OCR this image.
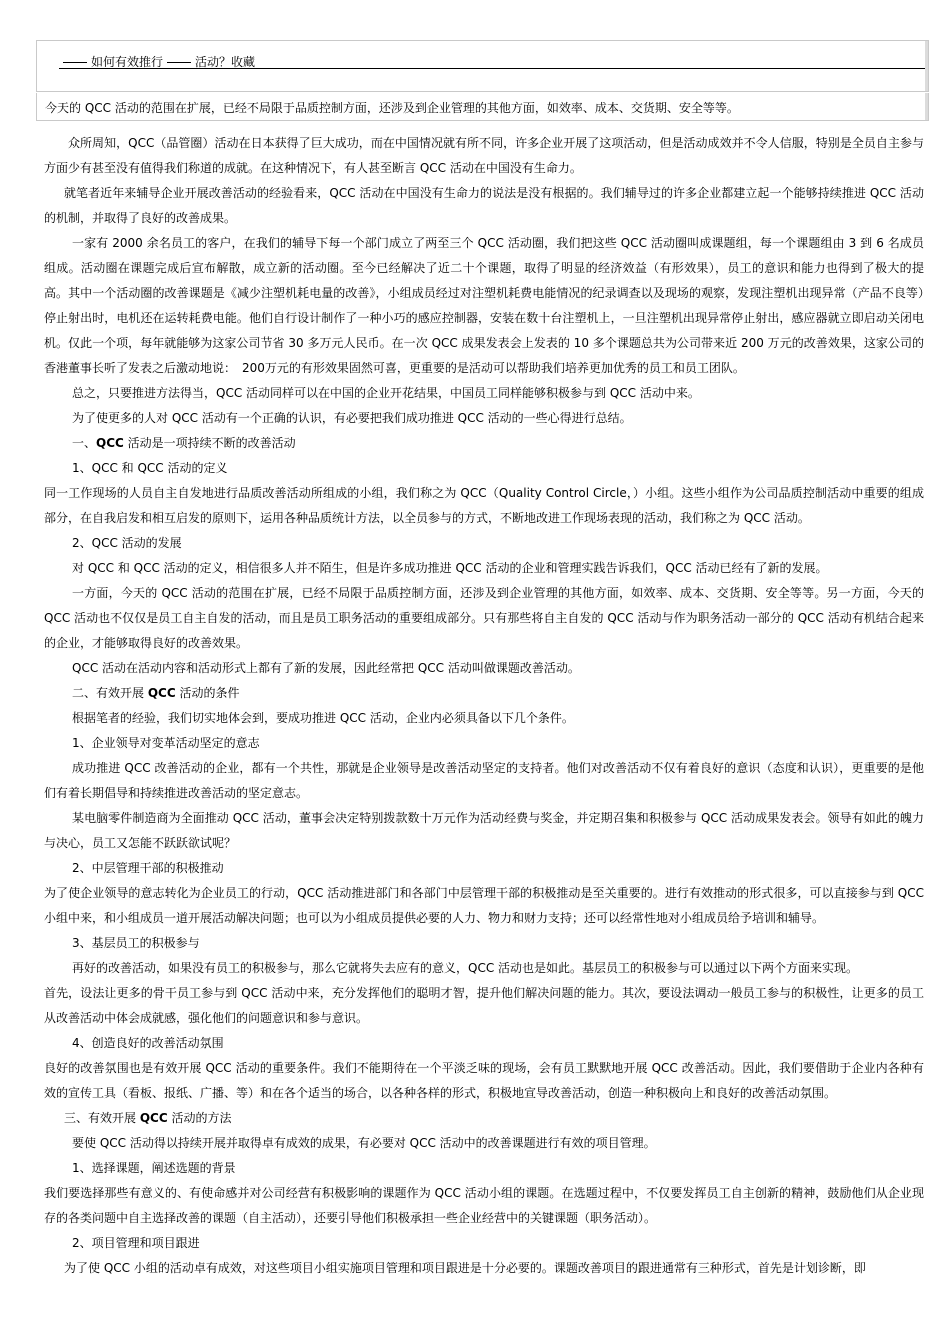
如何有效推行	活动？收藏
今天的 QCC 活动的范围在扩展，已经不局限于品质控制方面，还涉及到企业管理的其他方面，如效率、成本、交货期、安全等等。

众所周知，QCC（品管圈）活动在日本获得了巨大成功，而在中国情况就有所不同，许多企业开展了这项活动，但是活动成效并不令人信服，特别是全员自主参与方面少有甚至没有值得我们称道的成就。在这种情况下，有人甚至断言 QCC 活动在中国没有生命力。

就笔者近年来辅导企业开展改善活动的经验看来，QCC 活动在中国没有生命力的说法是没有根据的。我们辅导过的许多企业都建立起一个能够持续推进 QCC 活动的机制，并取得了良好的改善成果。

一家有 2000 余名员工的客户，在我们的辅导下每一个部门成立了两至三个 QCC 活动圈，我们把这些 QCC 活动圈叫成课题组，每一个课题组由 3 到 6 名成员组成。活动圈在课题完成后宣布解散，成立新的活动圈。至今已经解决了近二十个课题，取得了明显的经济效益（有形效果），员工的意识和能力也得到了极大的提高。其中一个活动圈的改善课题是《减少注塑机耗电量的改善》，小组成员经过对注塑机耗费电能情况的纪录调查以及现场的观察，发现注塑机出现异常（产品不良等）停止射出时，电机还在运转耗费电能。他们自行设计制作了一种小巧的感应控制器，安装在数十台注塑机上，一旦注塑机出现异常停止射出，感应器就立即启动关闭电机。仅此一个项，每年就能够为这家公司节省 30 多万元人民币。在一次 QCC 成果发表会上发表的 10 多个课题总共为公司带来近 200 万元的改善效果，这家公司的香港董事长听了发表之后激动地说：　200万元的有形效果固然可喜，更重要的是活动可以帮助我们培养更加优秀的员工和员工团队。

总之，只要推进方法得当，QCC 活动同样可以在中国的企业开花结果，中国员工同样能够积极参与到 QCC 活动中来。

为了使更多的人对 QCC 活动有一个正确的认识，有必要把我们成功推进 QCC 活动的一些心得进行总结。

一、QCC 活动是一项持续不断的改善活动

1、QCC 和 QCC 活动的定义

同一工作现场的人员自主自发地进行品质改善活动所组成的小组，我们称之为 QCC（Quality Control Circle，）小组。这些小组作为公司品质控制活动中重要的组成部分，在自我启发和相互启发的原则下，运用各种品质统计方法，以全员参与的方式，不断地改进工作现场表现的活动，我们称之为 QCC 活动。

2、QCC 活动的发展

对 QCC 和 QCC 活动的定义，相信很多人并不陌生，但是许多成功推进 QCC 活动的企业和管理实践告诉我们，QCC 活动已经有了新的发展。

一方面，今天的 QCC 活动的范围在扩展，已经不局限于品质控制方面，还涉及到企业管理的其他方面，如效率、成本、交货期、安全等等。另一方面，今天的 QCC 活动也不仅仅是员工自主自发的活动，而且是员工职务活动的重要组成部分。只有那些将自主自发的 QCC 活动与作为职务活动一部分的 QCC 活动有机结合起来的企业，才能够取得良好的改善效果。

QCC 活动在活动内容和活动形式上都有了新的发展，因此经常把 QCC 活动叫做课题改善活动。

二、有效开展 QCC 活动的条件

根据笔者的经验，我们切实地体会到，要成功推进 QCC 活动，企业内必须具备以下几个条件。

1、企业领导对变革活动坚定的意志

成功推进 QCC 改善活动的企业，都有一个共性，那就是企业领导是改善活动坚定的支持者。他们对改善活动不仅有着良好的意识（态度和认识），更重要的是他们有着长期倡导和持续推进改善活动的坚定意志。

某电脑零件制造商为全面推动 QCC 活动，董事会决定特别拨款数十万元作为活动经费与奖金，并定期召集和积极参与 QCC 活动成果发表会。领导有如此的魄力与决心，员工又怎能不跃跃欲试呢？

2、中层管理干部的积极推动

为了使企业领导的意志转化为企业员工的行动，QCC 活动推进部门和各部门中层管理干部的积极推动是至关重要的。进行有效推动的形式很多，可以直接参与到 QCC 小组中来，和小组成员一道开展活动解决问题；也可以为小组成员提供必要的人力、物力和财力支持；还可以经常性地对小组成员给予培训和辅导。

3、基层员工的积极参与

再好的改善活动，如果没有员工的积极参与，那么它就将失去应有的意义，QCC 活动也是如此。基层员工的积极参与可以通过以下两个方面来实现。

首先，设法让更多的骨干员工参与到 QCC 活动中来，充分发挥他们的聪明才智，提升他们解决问题的能力。其次，要设法调动一般员工参与的积极性，让更多的员工从改善活动中体会成就感，强化他们的问题意识和参与意识。

4、创造良好的改善活动氛围

良好的改善氛围也是有效开展 QCC 活动的重要条件。我们不能期待在一个平淡乏味的现场，会有员工默默地开展 QCC 改善活动。因此，我们要借助于企业内各种有效的宣传工具（看板、报纸、广播、等）和在各个适当的场合，以各种各样的形式，积极地宣导改善活动，创造一种积极向上和良好的改善活动氛围。

三、有效开展 QCC 活动的方法

要使 QCC 活动得以持续开展并取得卓有成效的成果，有必要对 QCC 活动中的改善课题进行有效的项目管理。

1、选择课题，阐述选题的背景

我们要选择那些有意义的、有使命感并对公司经营有积极影响的课题作为 QCC 活动小组的课题。在选题过程中，不仅要发挥员工自主创新的精神，鼓励他们从企业现存的各类问题中自主选择改善的课题（自主活动），还要引导他们积极承担一些企业经营中的关键课题（职务活动）。

2、项目管理和项目跟进

为了使 QCC 小组的活动卓有成效，对这些项目小组实施项目管理和项目跟进是十分必要的。课题改善项目的跟进通常有三种形式，首先是计划诊断，即
